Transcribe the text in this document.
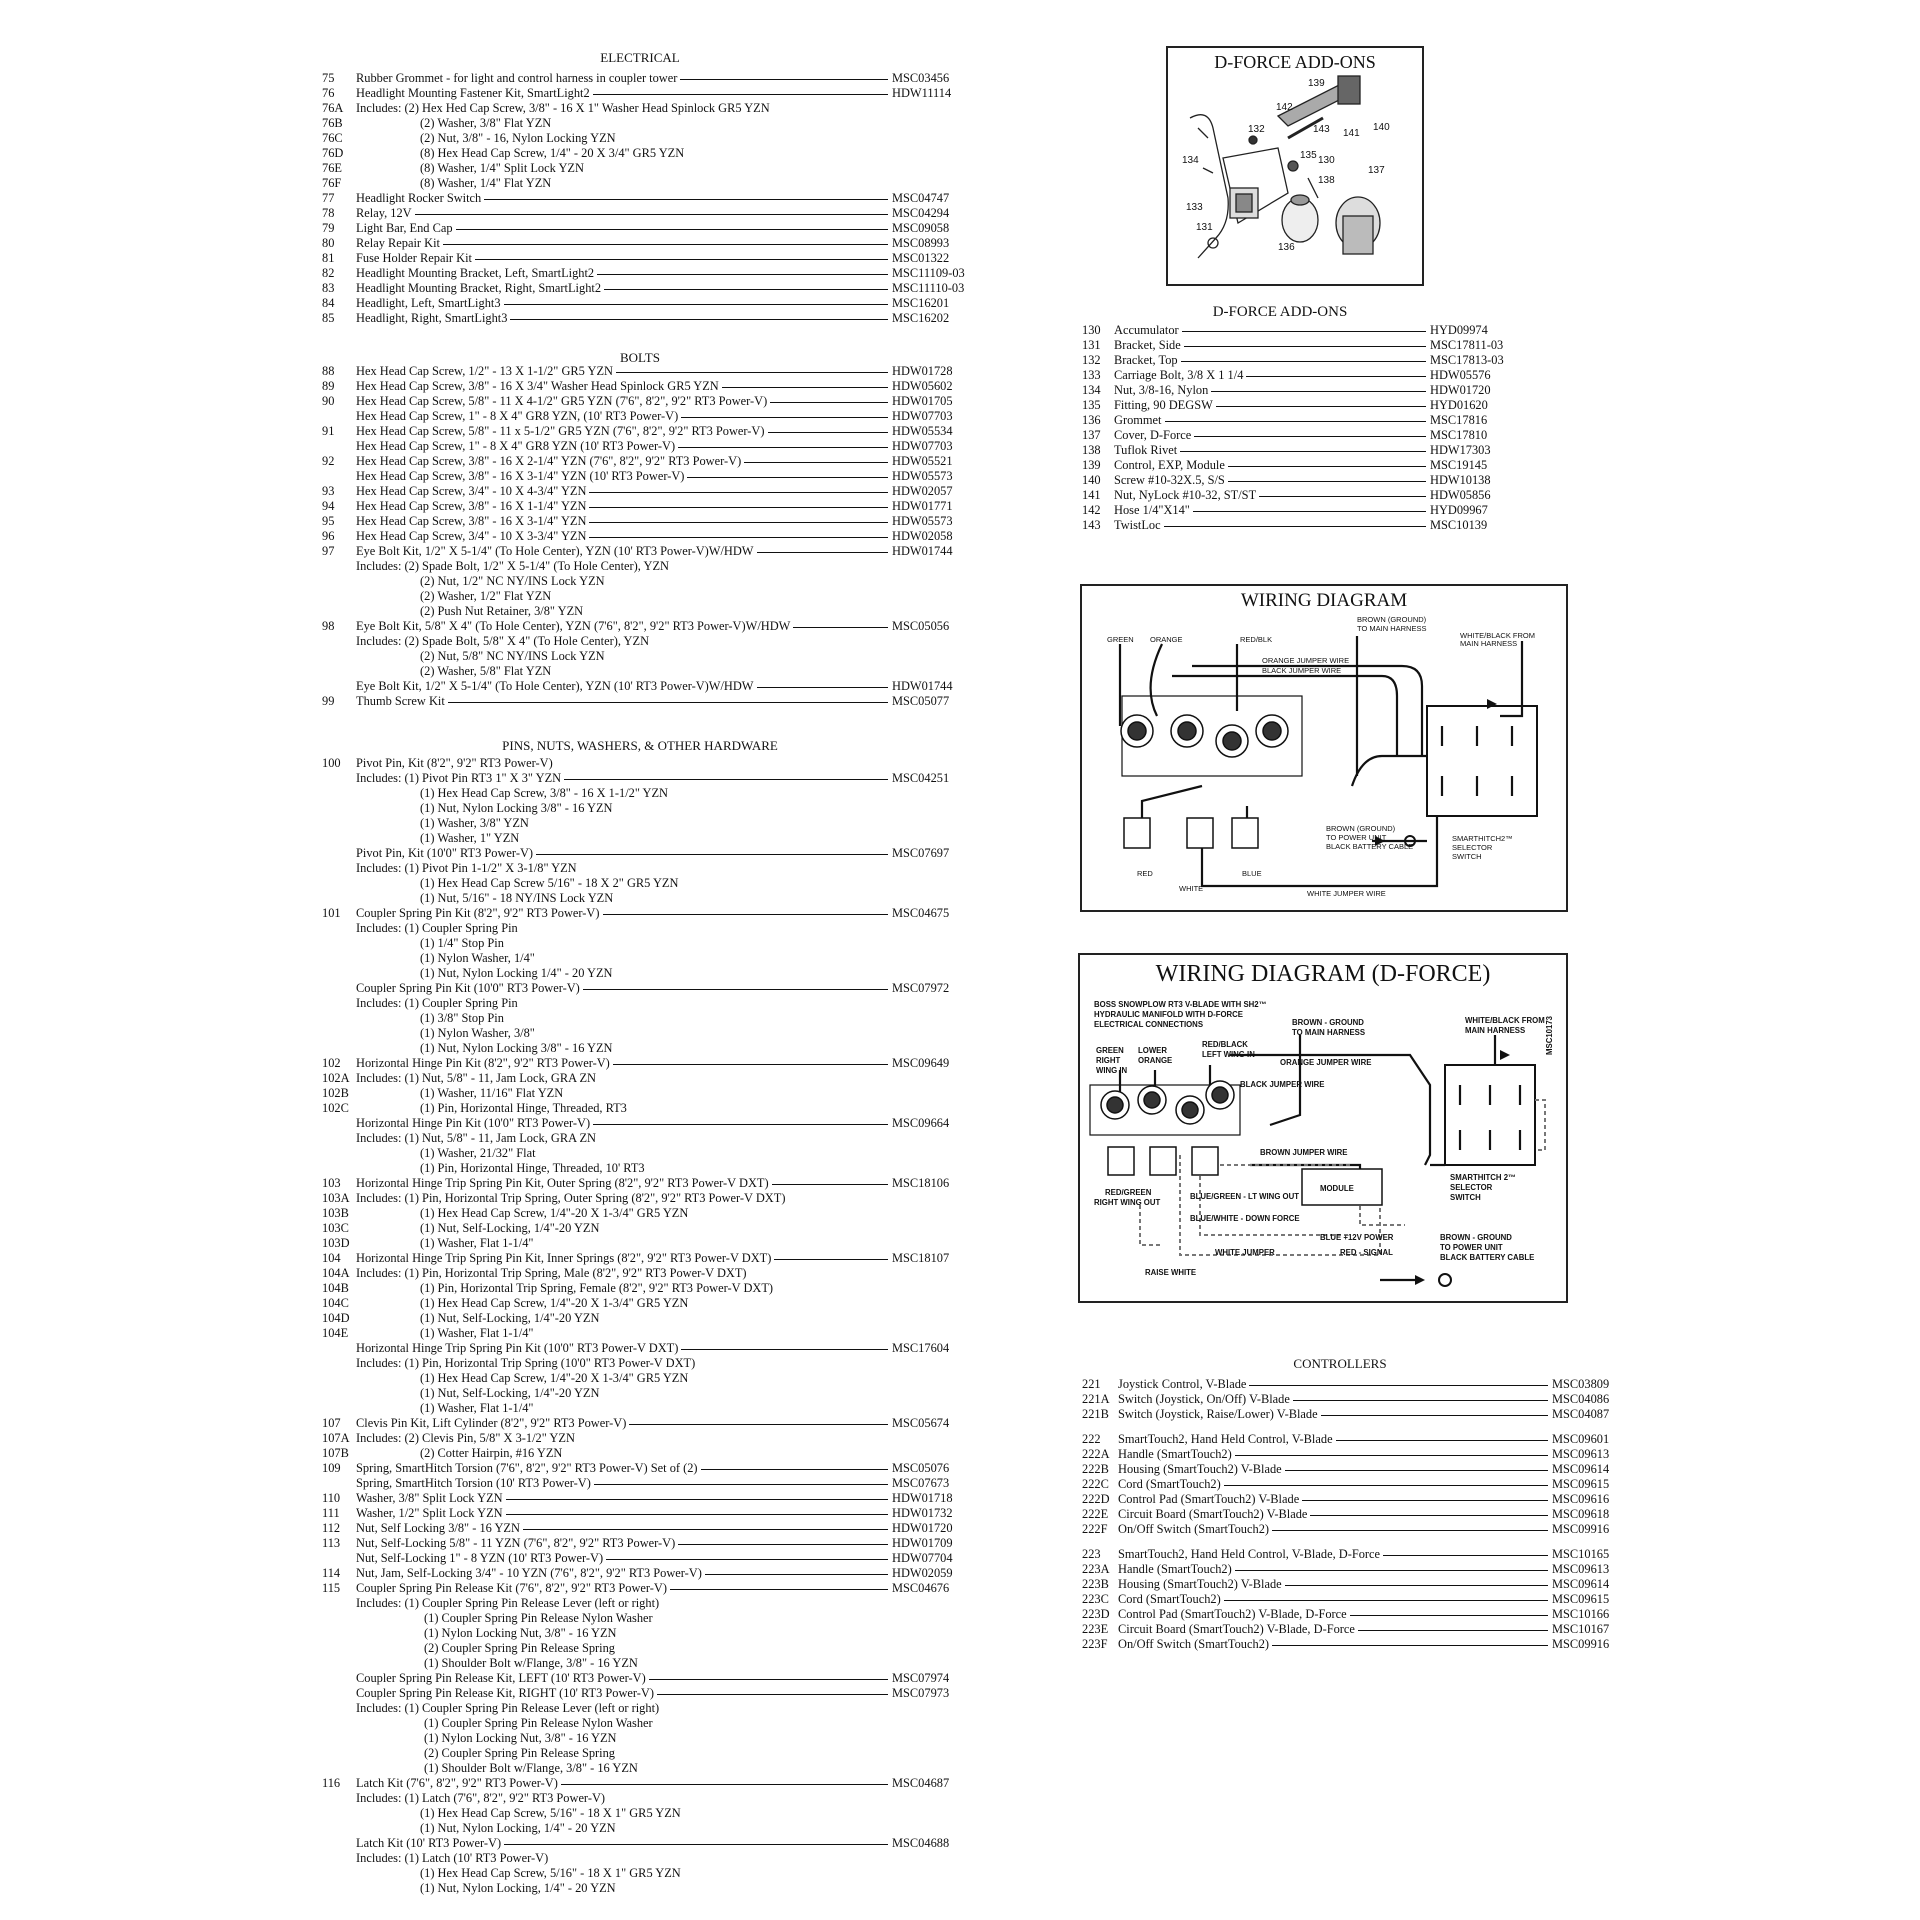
ELECTRICAL
75 Rubber Grommet - for light and control harness in coupler tower	MSC03456
76 Headlight Mounting Fastener Kit, SmartLight2	HDW11114
76A Includes: (2) Hex Hed Cap Screw, 3/8" - 16 X 1" Washer Head Spinlock GR5 YZN
76B	(2) Washer, 3/8" Flat YZN
76C	(2) Nut, 3/8" - 16, Nylon Locking YZN
76D	(8) Hex Head Cap Screw, 1/4" - 20 X 3/4" GR5 YZN
76E	(8) Washer, 1/4" Split Lock YZN
76F	(8) Washer, 1/4" Flat YZN
77 Headlight Rocker Switch	MSC04747
78 Relay, 12V	MSC04294
79 Light Bar, End Cap	MSC09058
80 Relay Repair Kit	MSC08993
81 Fuse Holder Repair Kit	MSC01322
82 Headlight Mounting Bracket, Left, SmartLight2	MSC11109-03
83 Headlight Mounting Bracket, Right, SmartLight2	MSC11110-03
84 Headlight, Left, SmartLight3	MSC16201
85 Headlight, Right, SmartLight3	MSC16202
BOLTS
88 Hex Head Cap Screw, 1/2" - 13 X 1-1/2" GR5 YZN	HDW01728
89 Hex Head Cap Screw, 3/8" - 16 X 3/4" Washer Head Spinlock GR5 YZN	HDW05602
90 Hex Head Cap Screw, 5/8" - 11 X 4-1/2" GR5 YZN (7'6", 8'2", 9'2" RT3 Power-V)	HDW01705
Hex Head Cap Screw, 1" - 8 X 4" GR8 YZN, (10' RT3 Power-V)	HDW07703
91 Hex Head Cap Screw, 5/8" - 11 x 5-1/2" GR5 YZN (7'6", 8'2", 9'2" RT3 Power-V)	HDW05534
Hex Head Cap Screw, 1" - 8 X 4" GR8 YZN (10' RT3 Power-V)	HDW07703
92 Hex Head Cap Screw, 3/8" - 16 X 2-1/4" YZN (7'6", 8'2", 9'2" RT3 Power-V)	HDW05521
Hex Head Cap Screw, 3/8" - 16 X 3-1/4" YZN (10' RT3 Power-V)	HDW05573
93 Hex Head Cap Screw, 3/4" - 10 X 4-3/4" YZN	HDW02057
94 Hex Head Cap Screw, 3/8" - 16 X 1-1/4" YZN	HDW01771
95 Hex Head Cap Screw, 3/8" - 16 X 3-1/4" YZN	HDW05573
96 Hex Head Cap Screw, 3/4" - 10 X 3-3/4" YZN	HDW02058
97 Eye Bolt Kit, 1/2" X 5-1/4" (To Hole Center), YZN (10' RT3 Power-V)W/HDW	HDW01744
Includes: (2) Spade Bolt, 1/2" X 5-1/4" (To Hole Center), YZN
(2) Nut, 1/2" NC NY/INS Lock YZN
(2) Washer, 1/2" Flat YZN
(2) Push Nut Retainer, 3/8" YZN
98 Eye Bolt Kit, 5/8" X 4" (To Hole Center), YZN (7'6", 8'2", 9'2" RT3 Power-V)W/HDW	MSC05056
Includes: (2) Spade Bolt, 5/8" X 4" (To Hole Center), YZN
(2) Nut, 5/8" NC NY/INS Lock YZN
(2) Washer, 5/8" Flat YZN
Eye Bolt Kit, 1/2" X 5-1/4" (To Hole Center), YZN (10' RT3 Power-V)W/HDW	HDW01744
99 Thumb Screw Kit	MSC05077
PINS, NUTS, WASHERS, & OTHER HARDWARE
100 Pivot Pin, Kit (8'2", 9'2" RT3 Power-V)
Includes: (1) Pivot Pin RT3 1" X 3" YZN	MSC04251
(1) Hex Head Cap Screw, 3/8" - 16 X 1-1/2" YZN
(1) Nut, Nylon Locking 3/8" - 16 YZN
(1) Washer, 3/8" YZN
(1) Washer, 1" YZN
Pivot Pin, Kit (10'0" RT3 Power-V)	MSC07697
Includes: (1) Pivot Pin 1-1/2" X 3-1/8" YZN
(1) Hex Head Cap Screw 5/16" - 18 X 2" GR5 YZN
(1) Nut, 5/16" - 18 NY/INS Lock YZN
101 Coupler Spring Pin Kit (8'2", 9'2" RT3 Power-V)	MSC04675
Includes: (1) Coupler Spring Pin
(1) 1/4" Stop Pin
(1) Nylon Washer, 1/4"
(1) Nut, Nylon Locking 1/4" - 20 YZN
Coupler Spring Pin Kit (10'0" RT3 Power-V)	MSC07972
Includes: (1) Coupler Spring Pin
(1) 3/8" Stop Pin
(1) Nylon Washer, 3/8"
(1) Nut, Nylon Locking 3/8" - 16 YZN
102 Horizontal Hinge Pin Kit (8'2", 9'2" RT3 Power-V)	MSC09649
102A Includes: (1) Nut, 5/8" - 11, Jam Lock, GRA ZN
102B	(1) Washer, 11/16" Flat YZN
102C	(1) Pin, Horizontal Hinge, Threaded, RT3
Horizontal Hinge Pin Kit (10'0" RT3 Power-V)	MSC09664
Includes: (1) Nut, 5/8" - 11, Jam Lock, GRA ZN
(1) Washer, 21/32" Flat
(1) Pin, Horizontal Hinge, Threaded, 10' RT3
103 Horizontal Hinge Trip Spring Pin Kit, Outer Spring (8'2", 9'2" RT3 Power-V DXT)	MSC18106
103A Includes: (1) Pin, Horizontal Trip Spring, Outer Spring (8'2", 9'2" RT3 Power-V DXT)
103B	(1) Hex Head Cap Screw, 1/4"-20 X 1-3/4" GR5 YZN
103C	(1) Nut, Self-Locking, 1/4"-20 YZN
103D	(1) Washer, Flat 1-1/4"
104 Horizontal Hinge Trip Spring Pin Kit, Inner Springs (8'2", 9'2" RT3 Power-V DXT)	MSC18107
104A Includes: (1) Pin, Horizontal Trip Spring, Male (8'2", 9'2" RT3 Power-V DXT)
104B	(1) Pin, Horizontal Trip Spring, Female (8'2", 9'2" RT3 Power-V DXT)
104C	(1) Hex Head Cap Screw, 1/4"-20 X 1-3/4" GR5 YZN
104D	(1) Nut, Self-Locking, 1/4"-20 YZN
104E	(1) Washer, Flat 1-1/4"
Horizontal Hinge Trip Spring Pin Kit (10'0" RT3 Power-V DXT)	MSC17604
Includes: (1) Pin, Horizontal Trip Spring (10'0" RT3 Power-V DXT)
(1) Hex Head Cap Screw, 1/4"-20 X 1-3/4" GR5 YZN
(1) Nut, Self-Locking, 1/4"-20 YZN
(1) Washer, Flat 1-1/4"
107 Clevis Pin Kit, Lift Cylinder (8'2", 9'2" RT3 Power-V)	MSC05674
107A Includes: (2) Clevis Pin, 5/8" X 3-1/2" YZN
107B	(2) Cotter Hairpin, #16 YZN
109 Spring, SmartHitch Torsion (7'6", 8'2", 9'2" RT3 Power-V) Set of (2)	MSC05076
Spring, SmartHitch Torsion (10' RT3 Power-V)	MSC07673
110 Washer, 3/8" Split Lock YZN	HDW01718
111 Washer, 1/2" Split Lock YZN	HDW01732
112 Nut, Self Locking 3/8" - 16 YZN	HDW01720
113 Nut, Self-Locking 5/8" - 11 YZN (7'6", 8'2", 9'2" RT3 Power-V)	HDW01709
Nut, Self-Locking 1" - 8 YZN (10' RT3 Power-V)	HDW07704
114 Nut, Jam, Self-Locking 3/4" - 10 YZN (7'6", 8'2", 9'2" RT3 Power-V)	HDW02059
115 Coupler Spring Pin Release Kit (7'6", 8'2", 9'2" RT3 Power-V)	MSC04676
Includes: (1) Coupler Spring Pin Release Lever (left or right)
(1) Coupler Spring Pin Release Nylon Washer
(1) Nylon Locking Nut, 3/8" - 16 YZN
(2) Coupler Spring Pin Release Spring
(1) Shoulder Bolt w/Flange, 3/8" - 16 YZN
Coupler Spring Pin Release Kit, LEFT (10' RT3 Power-V)	MSC07974
Coupler Spring Pin Release Kit, RIGHT (10' RT3 Power-V)	MSC07973
Includes: (1) Coupler Spring Pin Release Lever (left or right)
(1) Coupler Spring Pin Release Nylon Washer
(1) Nylon Locking Nut, 3/8" - 16 YZN
(2) Coupler Spring Pin Release Spring
(1) Shoulder Bolt w/Flange, 3/8" - 16 YZN
116 Latch Kit (7'6", 8'2", 9'2" RT3 Power-V)	MSC04687
Includes: (1) Latch (7'6", 8'2", 9'2" RT3 Power-V)
(1) Hex Head Cap Screw, 5/16" - 18 X 1" GR5 YZN
(1) Nut, Nylon Locking, 1/4" - 20 YZN
Latch Kit (10' RT3 Power-V)	MSC04688
Includes: (1) Latch (10' RT3 Power-V)
(1) Hex Head Cap Screw, 5/16" - 18 X 1" GR5 YZN
(1) Nut, Nylon Locking, 1/4" - 20 YZN
D-FORCE ADD-ONS
139
142
132	143 141
140
130
134	135
138
137
133
131
136
D-FORCE ADD-ONS
130 Accumulator	HYD09974
131 Bracket, Side	MSC17811-03
132 Bracket, Top	MSC17813-03
133 Carriage Bolt, 3/8 X 1 1/4	HDW05576
134 Nut, 3/8-16, Nylon	HDW01720
135 Fitting, 90 DEGSW	HYD01620
136 Grommet	MSC17816
137 Cover, D-Force	MSC17810
138 Tuflok Rivet	HDW17303
139 Control, EXP, Module	MSC19145
140 Screw #10-32X.5, S/S	HDW10138
141 Nut, NyLock #10-32, ST/ST	HDW05856
142 Hose 1/4"X14"	HYD09967
143 TwistLoc	MSC10139
WIRING DIAGRAM
GREEN ORANGE	RED/BLK
BROWN (GROUND)
TO MAIN HARNESS
WHITE/BLACK FROM
MAIN HARNESS
ORANGE JUMPER WIRE
BLACK JUMPER WIRE
BROWN (GROUND)
TO POWER UNIT
BLACK BATTERY CABLE
SMARTHITCH2™
SELECTOR
SWITCH
RED
WHITE
BLUE
WHITE JUMPER WIRE
WIRING DIAGRAM (D-FORCE)
BOSS SNOWPLOW RT3 V-BLADE WITH SH2™
HYDRAULIC MANIFOLD WITH D-FORCE
ELECTRICAL CONNECTIONS
GREEN
RIGHT
WING IN
LOWER
ORANGE
RED/BLACK
LEFT WING IN
BROWN - GROUND
TO MAIN HARNESS
ORANGE JUMPER WIRE
WHITE/BLACK FROM
MAIN HARNESS
BLACK JUMPER WIRE
BROWN JUMPER WIRE
SMARTHITCH 2™
SELECTOR
SWITCH
RED/GREEN
RIGHT WING OUT
BLUE/GREEN - LT WING OUT
MODULE
BLUE/WHITE - DOWN FORCE
BLUE +12V POWER
RED - SIGNAL
BROWN - GROUND
TO POWER UNIT
BLACK BATTERY CABLE
WHITE JUMPER
RAISE WHITE
MSC10173
CONTROLLERS
221 Joystick Control, V-Blade	MSC03809
221A Switch (Joystick, On/Off) V-Blade	MSC04086
221B Switch (Joystick, Raise/Lower) V-Blade	MSC04087
222 SmartTouch2, Hand Held Control, V-Blade	MSC09601
222A Handle (SmartTouch2)	MSC09613
222B Housing (SmartTouch2) V-Blade	MSC09614
222C Cord (SmartTouch2)	MSC09615
222D Control Pad (SmartTouch2) V-Blade	MSC09616
222E Circuit Board (SmartTouch2) V-Blade	MSC09618
222F On/Off Switch (SmartTouch2)	MSC09916
223 SmartTouch2, Hand Held Control, V-Blade, D-Force	MSC10165
223A Handle (SmartTouch2)	MSC09613
223B Housing (SmartTouch2) V-Blade	MSC09614
223C Cord (SmartTouch2)	MSC09615
223D Control Pad (SmartTouch2) V-Blade, D-Force	MSC10166
223E Circuit Board (SmartTouch2) V-Blade, D-Force	MSC10167
223F On/Off Switch (SmartTouch2)	MSC09916
